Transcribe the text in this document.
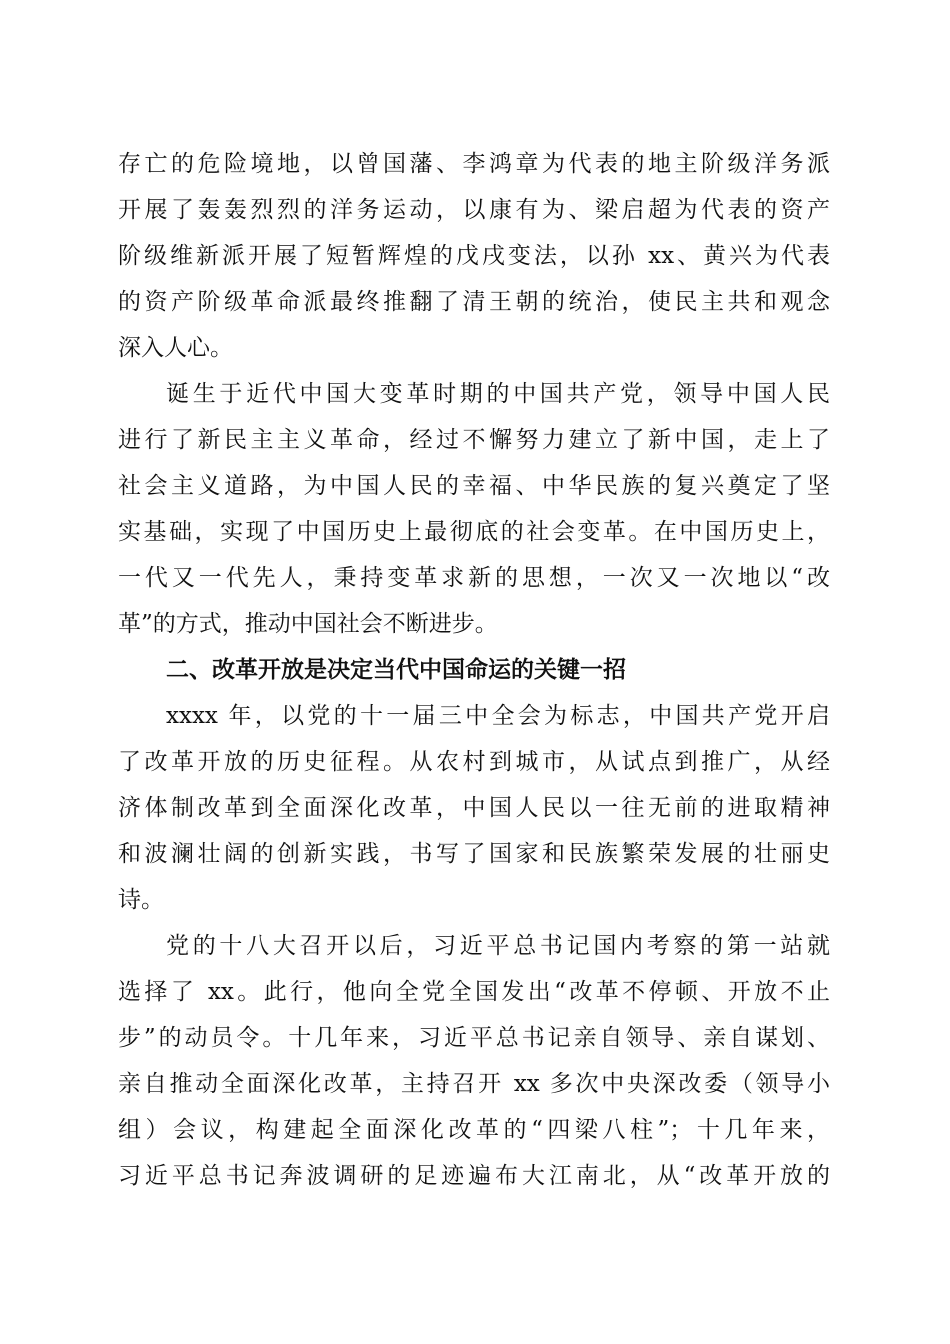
存亡的危险境地，以曾国藩、李鸿章为代表的地主阶级洋务派
开展了轰轰烈烈的洋务运动，以康有为、梁启超为代表的资产
阶级维新派开展了短暂辉煌的戊戌变法，以孙 xx、黄兴为代表
的资产阶级革命派最终推翻了清王朝的统治，使民主共和观念
深入人心。
诞生于近代中国大变革时期的中国共产党，领导中国人民
进行了新民主主义革命，经过不懈努力建立了新中国，走上了
社会主义道路，为中国人民的幸福、中华民族的复兴奠定了坚
实基础，实现了中国历史上最彻底的社会变革。在中国历史上，
一代又一代先人，秉持变革求新的思想，一次又一次地以“改
革”的方式，推动中国社会不断进步。
二、改革开放是决定当代中国命运的关键一招
xxxx 年，以党的十一届三中全会为标志，中国共产党开启
了改革开放的历史征程。从农村到城市，从试点到推广，从经
济体制改革到全面深化改革，中国人民以一往无前的进取精神
和波澜壮阔的创新实践，书写了国家和民族繁荣发展的壮丽史
诗。
党的十八大召开以后，习近平总书记国内考察的第一站就
选择了 xx。此行，他向全党全国发出“改革不停顿、开放不止
步”的动员令。十几年来，习近平总书记亲自领导、亲自谋划、
亲自推动全面深化改革，主持召开 xx 多次中央深改委（领导小
组）会议，构建起全面深化改革的“四梁八柱”；十几年来，
习近平总书记奔波调研的足迹遍布大江南北，从“改革开放的
